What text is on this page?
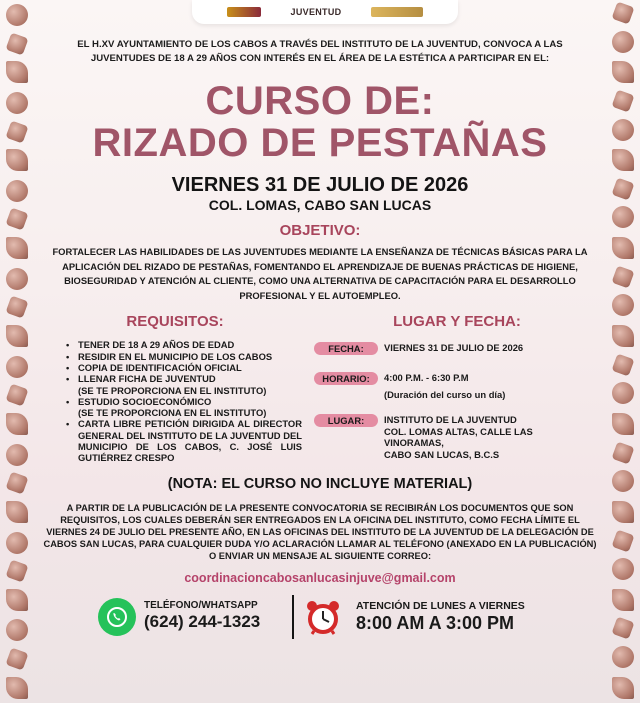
JUVENTUD

EL H.XV AYUNTAMIENTO DE LOS CABOS A TRAVÉS DEL INSTITUTO DE LA JUVENTUD, CONVOCA A LAS JUVENTUDES DE 18 A 29 AÑOS CON INTERÉS EN EL ÁREA DE LA ESTÉTICA A PARTICIPAR EN EL:

CURSO DE:
RIZADO DE PESTAÑAS
VIERNES 31 DE JULIO DE 2026
COL. LOMAS, CABO SAN LUCAS
OBJETIVO:

FORTALECER LAS HABILIDADES DE LAS JUVENTUDES MEDIANTE LA ENSEÑANZA DE TÉCNICAS BÁSICAS PARA LA APLICACIÓN DEL RIZADO DE PESTAÑAS, FOMENTANDO EL APRENDIZAJE DE BUENAS PRÁCTICAS DE HIGIENE, BIOSEGURIDAD Y ATENCIÓN AL CLIENTE, COMO UNA ALTERNATIVA DE CAPACITACIÓN PARA EL DESARROLLO PROFESIONAL Y EL AUTOEMPLEO.

REQUISITOS:
• TENER DE 18 A 29 AÑOS DE EDAD
• RESIDIR EN EL MUNICIPIO DE LOS CABOS
• COPIA DE IDENTIFICACIÓN OFICIAL
• LLENAR FICHA DE JUVENTUD
(SE TE PROPORCIONA EN EL INSTITUTO)
• ESTUDIO SOCIOECONÓMICO
(SE TE PROPORCIONA EN EL INSTITUTO)
• CARTA LIBRE PETICIÓN DIRIGIDA AL DIRECTOR GENERAL DEL INSTITUTO DE LA JUVENTUD DEL MUNICIPIO DE LOS CABOS, C. JOSÉ LUIS GUTIÉRREZ CRESPO
LUGAR Y FECHA:
FECHA:	VIERNES 31 DE JULIO DE 2026
HORARIO:	4:00 P.M. - 6:30 P.M
(Duración del curso un día)
LUGAR:	INSTITUTO DE LA JUVENTUD
COL. LOMAS ALTAS, CALLE LAS
VINORAMAS,
CABO SAN LUCAS, B.C.S
(NOTA: EL CURSO NO INCLUYE MATERIAL)

A PARTIR DE LA PUBLICACIÓN DE LA PRESENTE CONVOCATORIA SE RECIBIRÁN LOS DOCUMENTOS QUE SON REQUISITOS, LOS CUALES DEBERÁN SER ENTREGADOS EN LA OFICINA DEL INSTITUTO, COMO FECHA LÍMITE EL VIERNES 24 DE JULIO DEL PRESENTE AÑO, EN LAS OFICINAS DEL INSTITUTO DE LA JUVENTUD DE LA DELEGACIÓN DE CABOS SAN LUCAS, PARA CUALQUIER DUDA Y/O ACLARACIÓN LLAMAR AL TELÉFONO (ANEXADO EN LA PUBLICACIÓN) O ENVIAR UN MENSAJE AL SIGUIENTE CORREO:

coordinacioncabosanlucasinjuve@gmail.com
TELÉFONO/WHATSAPP
(624) 244-1323
ATENCIÓN DE LUNES A VIERNES
8:00 AM A 3:00 PM
